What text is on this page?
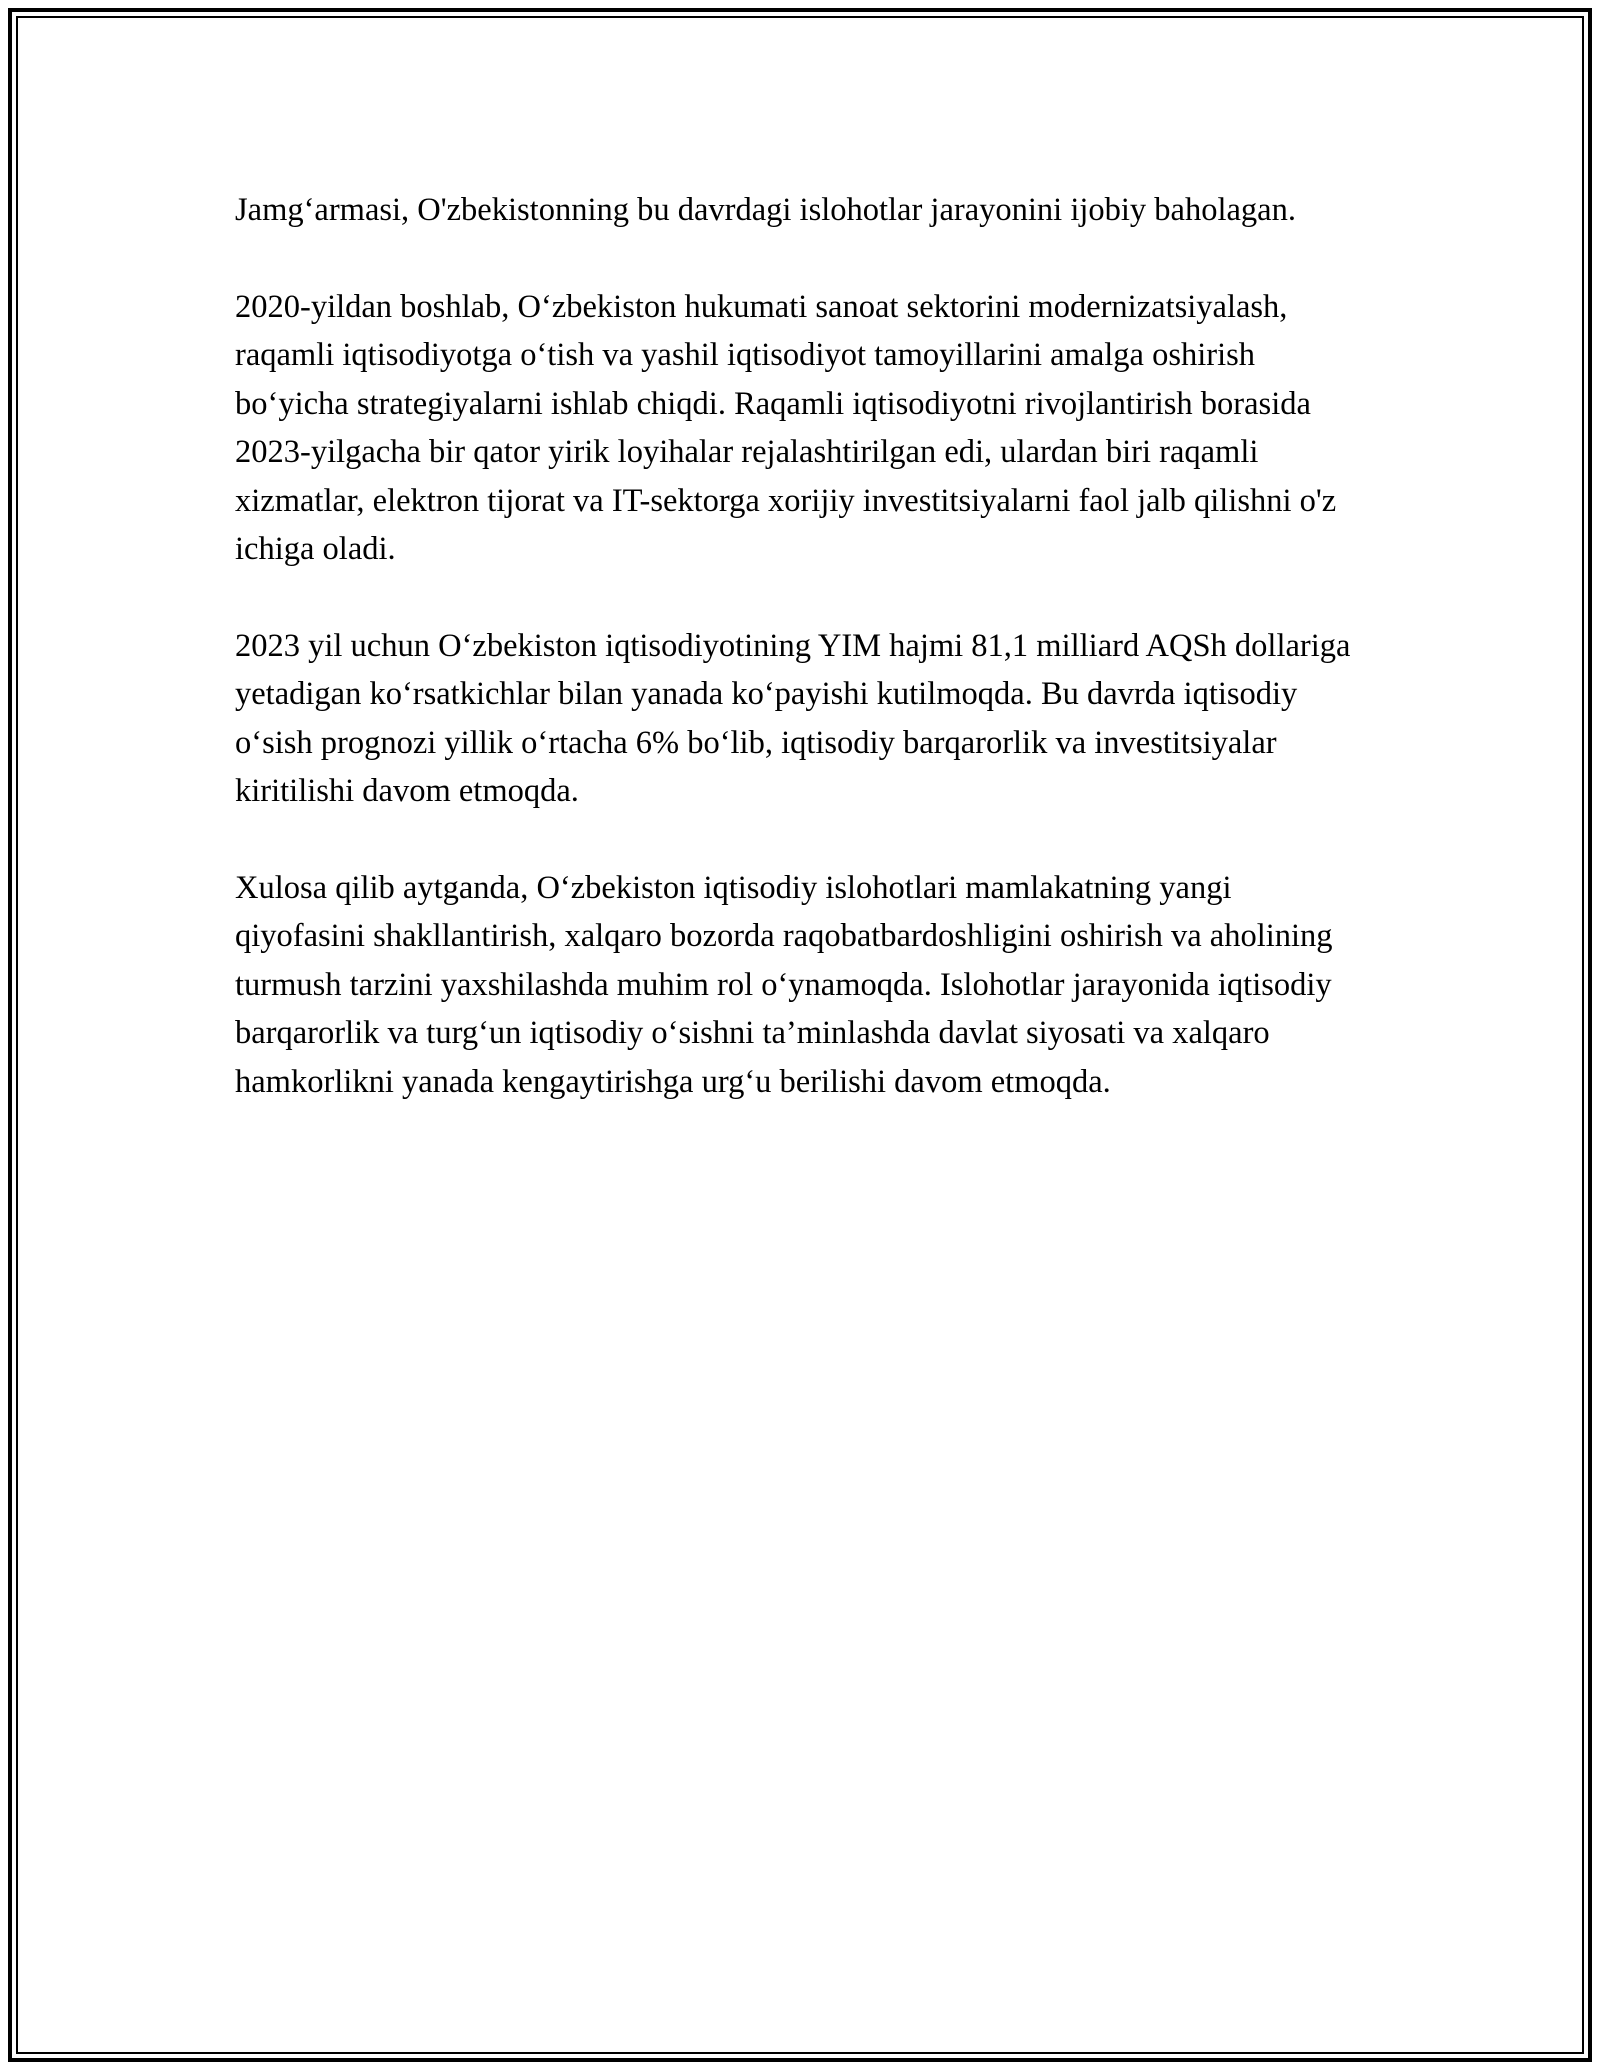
Jamg‘armasi, O'zbekistonning bu davrdagi islohotlar jarayonini ijobiy baholagan.

2020-yildan boshlab, O‘zbekiston hukumati sanoat sektorini modernizatsiyalash, raqamli iqtisodiyotga o‘tish va yashil iqtisodiyot tamoyillarini amalga oshirish bo‘yicha strategiyalarni ishlab chiqdi. Raqamli iqtisodiyotni rivojlantirish borasida 2023-yilgacha bir qator yirik loyihalar rejalashtirilgan edi, ulardan biri raqamli xizmatlar, elektron tijorat va IT-sektorga xorijiy investitsiyalarni faol jalb qilishni o'z ichiga oladi.

2023 yil uchun O‘zbekiston iqtisodiyotining YIM hajmi 81,1 milliard AQSh dollariga yetadigan ko‘rsatkichlar bilan yanada ko‘payishi kutilmoqda. Bu davrda iqtisodiy o‘sish prognozi yillik o‘rtacha 6% bo‘lib, iqtisodiy barqarorlik va investitsiyalar kiritilishi davom etmoqda.

Xulosa qilib aytganda, O‘zbekiston iqtisodiy islohotlari mamlakatning yangi qiyofasini shakllantirish, xalqaro bozorda raqobatbardoshligini oshirish va aholining turmush tarzini yaxshilashda muhim rol o‘ynamoqda. Islohotlar jarayonida iqtisodiy barqarorlik va turg‘un iqtisodiy o‘sishni ta’minlashda davlat siyosati va xalqaro hamkorlikni yanada kengaytirishga urg‘u berilishi davom etmoqda.
